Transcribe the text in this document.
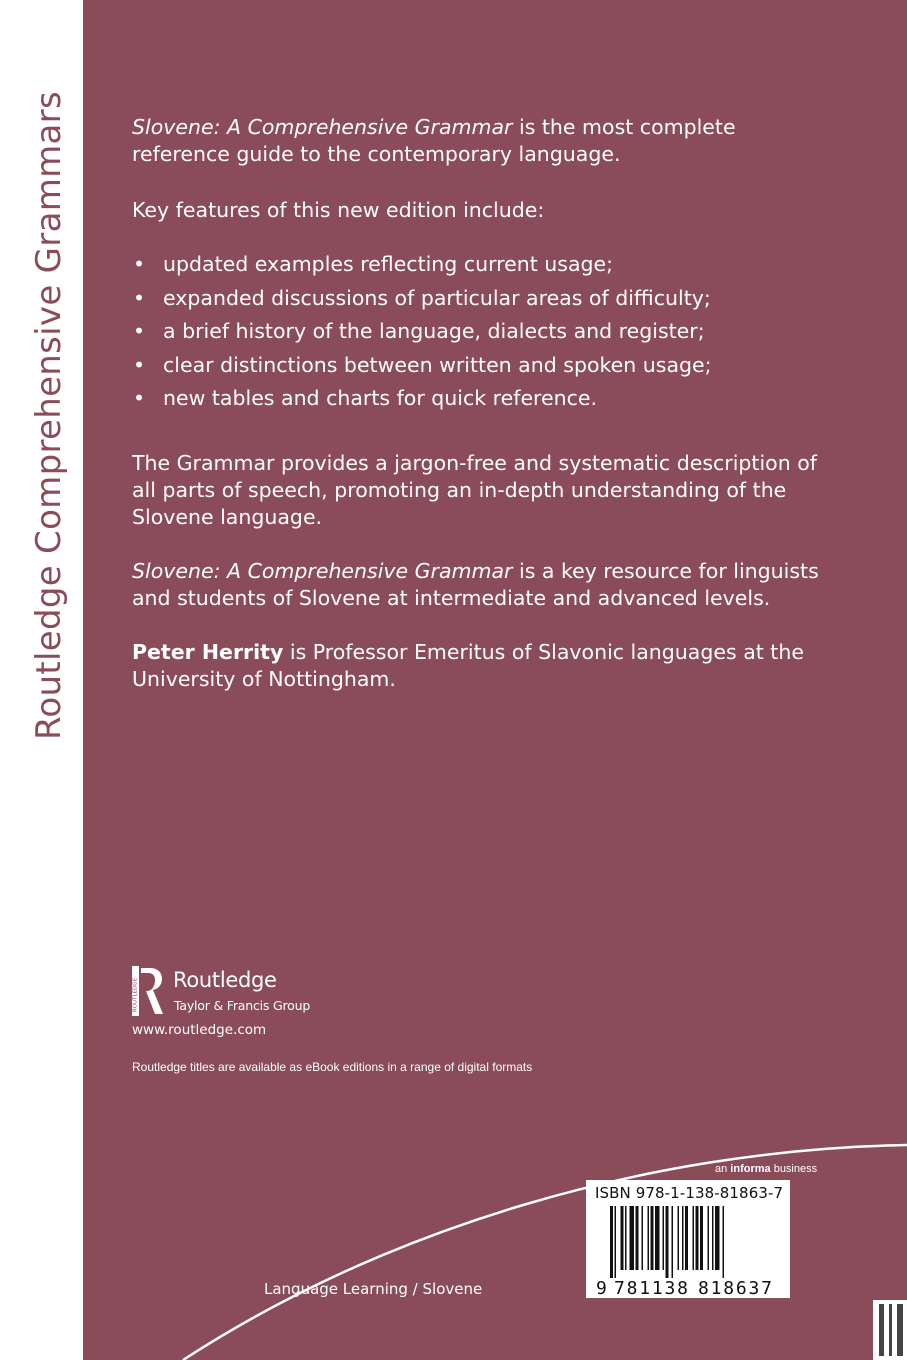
Routledge Comprehensive Grammars	Slovene: A Comprehensive Grammar is the most complete reference guide to the contemporary language.

Key features of this new edition include:

• updated examples reflecting current usage;
• expanded discussions of particular areas of difficulty;
• a brief history of the language, dialects and register;
• clear distinctions between written and spoken usage;
• new tables and charts for quick reference.

The Grammar provides a jargon-free and systematic description of all parts of speech, promoting an in-depth understanding of the Slovene language.

Slovene: A Comprehensive Grammar is a key resource for linguists and students of Slovene at intermediate and advanced levels.

Peter Herrity is Professor Emeritus of Slavonic languages at the University of Nottingham.

ROUTLEDGE Routledge
Taylor & Francis Group
www.routledge.com
Routledge titles are available as eBook editions in a range of digital formats
an informa business
ISBN 978-1-138-81863-7
9 781138 818637
Language Learning / Slovene
